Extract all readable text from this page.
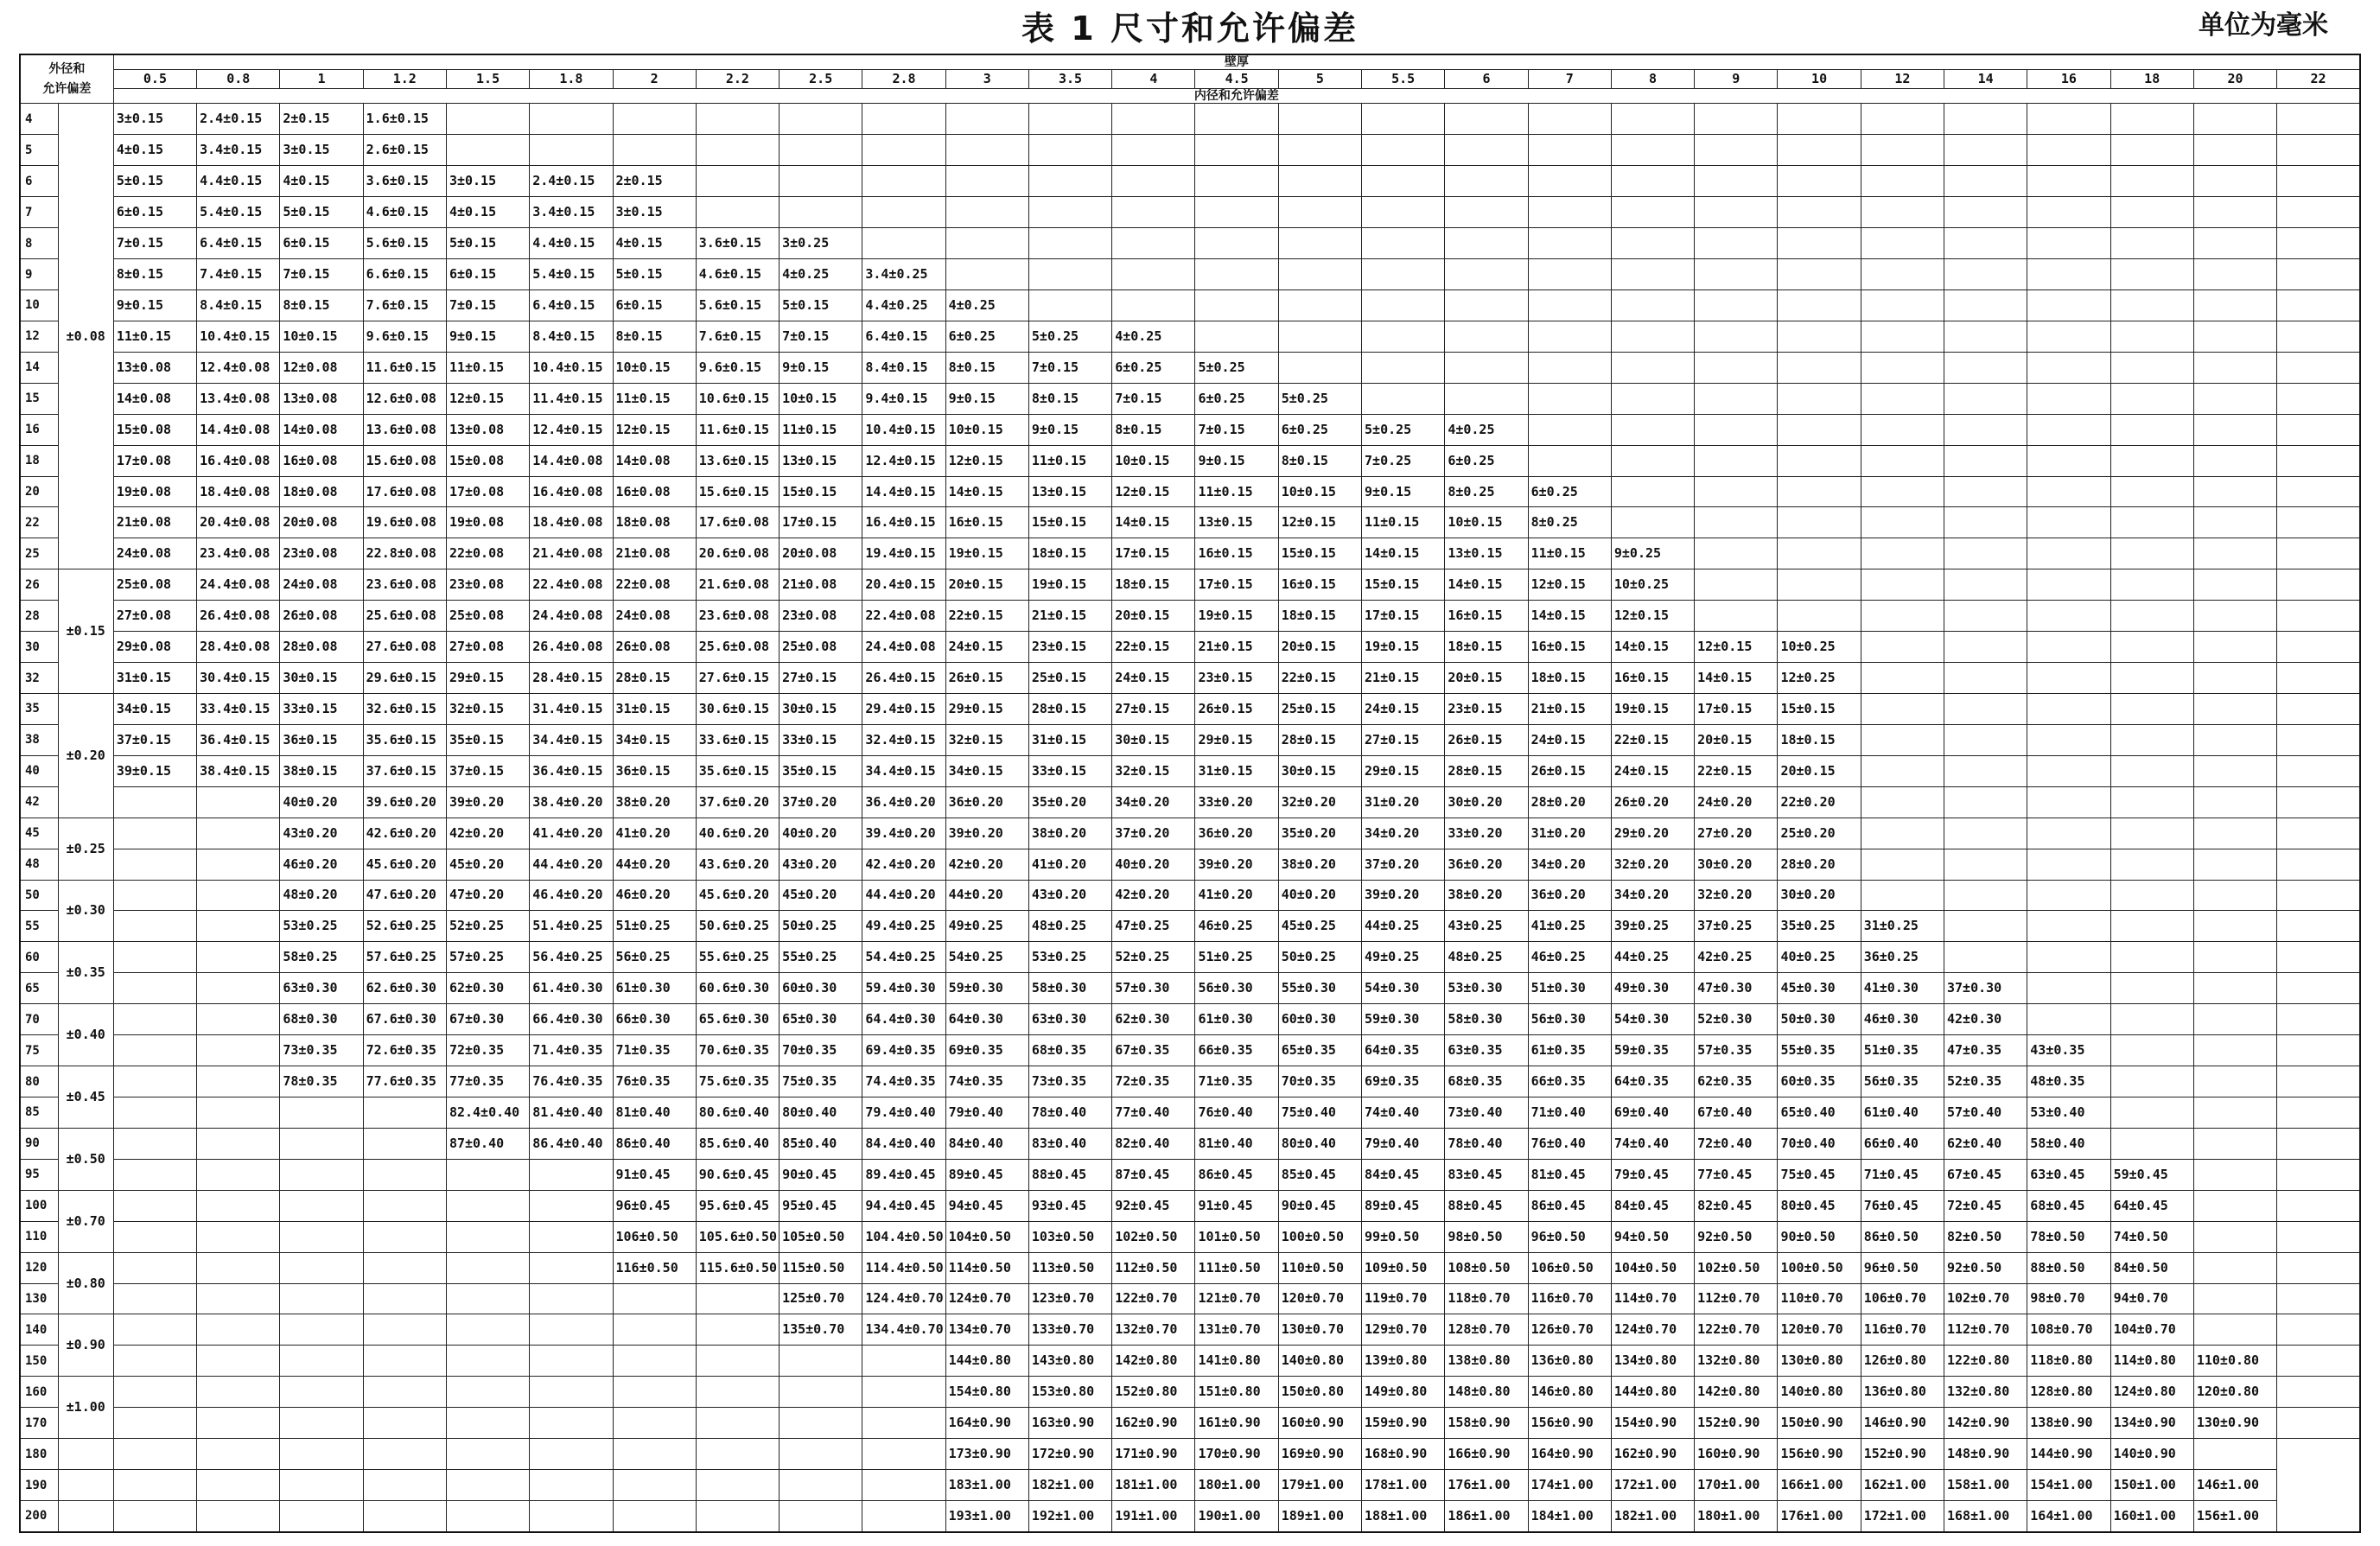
表 1 尺寸和允许偏差	单位为毫米
外径和
允许偏差		壁厚																										
		0.5	0.8	1	1.2	1.5	1.8	2	2.2	2.5	2.8	3	3.5	4	4.5	5	5.5	6	7	8	9	10	12	14	16	18	20	22
		内径和允许偏差																										
4	±0.08	3±0.15	2.4±0.15	2±0.15	1.6±0.15																							
5		4±0.15	3.4±0.15	3±0.15	2.6±0.15																							
6		5±0.15	4.4±0.15	4±0.15	3.6±0.15	3±0.15	2.4±0.15	2±0.15																				
7		6±0.15	5.4±0.15	5±0.15	4.6±0.15	4±0.15	3.4±0.15	3±0.15																				
8		7±0.15	6.4±0.15	6±0.15	5.6±0.15	5±0.15	4.4±0.15	4±0.15	3.6±0.15	3±0.25																		
9		8±0.15	7.4±0.15	7±0.15	6.6±0.15	6±0.15	5.4±0.15	5±0.15	4.6±0.15	4±0.25	3.4±0.25																	
10		9±0.15	8.4±0.15	8±0.15	7.6±0.15	7±0.15	6.4±0.15	6±0.15	5.6±0.15	5±0.15	4.4±0.25	4±0.25																
12		11±0.15	10.4±0.15	10±0.15	9.6±0.15	9±0.15	8.4±0.15	8±0.15	7.6±0.15	7±0.15	6.4±0.15	6±0.25	5±0.25	4±0.25														
14		13±0.08	12.4±0.08	12±0.08	11.6±0.15	11±0.15	10.4±0.15	10±0.15	9.6±0.15	9±0.15	8.4±0.15	8±0.15	7±0.15	6±0.25	5±0.25													
15		14±0.08	13.4±0.08	13±0.08	12.6±0.08	12±0.15	11.4±0.15	11±0.15	10.6±0.15	10±0.15	9.4±0.15	9±0.15	8±0.15	7±0.15	6±0.25	5±0.25												
16		15±0.08	14.4±0.08	14±0.08	13.6±0.08	13±0.08	12.4±0.15	12±0.15	11.6±0.15	11±0.15	10.4±0.15	10±0.15	9±0.15	8±0.15	7±0.15	6±0.25	5±0.25	4±0.25										
18		17±0.08	16.4±0.08	16±0.08	15.6±0.08	15±0.08	14.4±0.08	14±0.08	13.6±0.15	13±0.15	12.4±0.15	12±0.15	11±0.15	10±0.15	9±0.15	8±0.15	7±0.25	6±0.25										
20		19±0.08	18.4±0.08	18±0.08	17.6±0.08	17±0.08	16.4±0.08	16±0.08	15.6±0.15	15±0.15	14.4±0.15	14±0.15	13±0.15	12±0.15	11±0.15	10±0.15	9±0.15	8±0.25	6±0.25									
22		21±0.08	20.4±0.08	20±0.08	19.6±0.08	19±0.08	18.4±0.08	18±0.08	17.6±0.08	17±0.15	16.4±0.15	16±0.15	15±0.15	14±0.15	13±0.15	12±0.15	11±0.15	10±0.15	8±0.25									
25		24±0.08	23.4±0.08	23±0.08	22.8±0.08	22±0.08	21.4±0.08	21±0.08	20.6±0.08	20±0.08	19.4±0.15	19±0.15	18±0.15	17±0.15	16±0.15	15±0.15	14±0.15	13±0.15	11±0.15	9±0.25								
26	±0.15	25±0.08	24.4±0.08	24±0.08	23.6±0.08	23±0.08	22.4±0.08	22±0.08	21.6±0.08	21±0.08	20.4±0.15	20±0.15	19±0.15	18±0.15	17±0.15	16±0.15	15±0.15	14±0.15	12±0.15	10±0.25								
28		27±0.08	26.4±0.08	26±0.08	25.6±0.08	25±0.08	24.4±0.08	24±0.08	23.6±0.08	23±0.08	22.4±0.08	22±0.15	21±0.15	20±0.15	19±0.15	18±0.15	17±0.15	16±0.15	14±0.15	12±0.15								
30		29±0.08	28.4±0.08	28±0.08	27.6±0.08	27±0.08	26.4±0.08	26±0.08	25.6±0.08	25±0.08	24.4±0.08	24±0.15	23±0.15	22±0.15	21±0.15	20±0.15	19±0.15	18±0.15	16±0.15	14±0.15	12±0.15	10±0.25						
32		31±0.15	30.4±0.15	30±0.15	29.6±0.15	29±0.15	28.4±0.15	28±0.15	27.6±0.15	27±0.15	26.4±0.15	26±0.15	25±0.15	24±0.15	23±0.15	22±0.15	21±0.15	20±0.15	18±0.15	16±0.15	14±0.15	12±0.25						
35	±0.20	34±0.15	33.4±0.15	33±0.15	32.6±0.15	32±0.15	31.4±0.15	31±0.15	30.6±0.15	30±0.15	29.4±0.15	29±0.15	28±0.15	27±0.15	26±0.15	25±0.15	24±0.15	23±0.15	21±0.15	19±0.15	17±0.15	15±0.15						
38		37±0.15	36.4±0.15	36±0.15	35.6±0.15	35±0.15	34.4±0.15	34±0.15	33.6±0.15	33±0.15	32.4±0.15	32±0.15	31±0.15	30±0.15	29±0.15	28±0.15	27±0.15	26±0.15	24±0.15	22±0.15	20±0.15	18±0.15						
40		39±0.15	38.4±0.15	38±0.15	37.6±0.15	37±0.15	36.4±0.15	36±0.15	35.6±0.15	35±0.15	34.4±0.15	34±0.15	33±0.15	32±0.15	31±0.15	30±0.15	29±0.15	28±0.15	26±0.15	24±0.15	22±0.15	20±0.15						
42				40±0.20	39.6±0.20	39±0.20	38.4±0.20	38±0.20	37.6±0.20	37±0.20	36.4±0.20	36±0.20	35±0.20	34±0.20	33±0.20	32±0.20	31±0.20	30±0.20	28±0.20	26±0.20	24±0.20	22±0.20						
45	±0.25			43±0.20	42.6±0.20	42±0.20	41.4±0.20	41±0.20	40.6±0.20	40±0.20	39.4±0.20	39±0.20	38±0.20	37±0.20	36±0.20	35±0.20	34±0.20	33±0.20	31±0.20	29±0.20	27±0.20	25±0.20						
48				46±0.20	45.6±0.20	45±0.20	44.4±0.20	44±0.20	43.6±0.20	43±0.20	42.4±0.20	42±0.20	41±0.20	40±0.20	39±0.20	38±0.20	37±0.20	36±0.20	34±0.20	32±0.20	30±0.20	28±0.20						
50	±0.30			48±0.20	47.6±0.20	47±0.20	46.4±0.20	46±0.20	45.6±0.20	45±0.20	44.4±0.20	44±0.20	43±0.20	42±0.20	41±0.20	40±0.20	39±0.20	38±0.20	36±0.20	34±0.20	32±0.20	30±0.20						
55				53±0.25	52.6±0.25	52±0.25	51.4±0.25	51±0.25	50.6±0.25	50±0.25	49.4±0.25	49±0.25	48±0.25	47±0.25	46±0.25	45±0.25	44±0.25	43±0.25	41±0.25	39±0.25	37±0.25	35±0.25	31±0.25					
60	±0.35			58±0.25	57.6±0.25	57±0.25	56.4±0.25	56±0.25	55.6±0.25	55±0.25	54.4±0.25	54±0.25	53±0.25	52±0.25	51±0.25	50±0.25	49±0.25	48±0.25	46±0.25	44±0.25	42±0.25	40±0.25	36±0.25					
65				63±0.30	62.6±0.30	62±0.30	61.4±0.30	61±0.30	60.6±0.30	60±0.30	59.4±0.30	59±0.30	58±0.30	57±0.30	56±0.30	55±0.30	54±0.30	53±0.30	51±0.30	49±0.30	47±0.30	45±0.30	41±0.30	37±0.30				
70	±0.40			68±0.30	67.6±0.30	67±0.30	66.4±0.30	66±0.30	65.6±0.30	65±0.30	64.4±0.30	64±0.30	63±0.30	62±0.30	61±0.30	60±0.30	59±0.30	58±0.30	56±0.30	54±0.30	52±0.30	50±0.30	46±0.30	42±0.30				
75				73±0.35	72.6±0.35	72±0.35	71.4±0.35	71±0.35	70.6±0.35	70±0.35	69.4±0.35	69±0.35	68±0.35	67±0.35	66±0.35	65±0.35	64±0.35	63±0.35	61±0.35	59±0.35	57±0.35	55±0.35	51±0.35	47±0.35	43±0.35			
80	±0.45			78±0.35	77.6±0.35	77±0.35	76.4±0.35	76±0.35	75.6±0.35	75±0.35	74.4±0.35	74±0.35	73±0.35	72±0.35	71±0.35	70±0.35	69±0.35	68±0.35	66±0.35	64±0.35	62±0.35	60±0.35	56±0.35	52±0.35	48±0.35			
85						82.4±0.40	81.4±0.40	81±0.40	80.6±0.40	80±0.40	79.4±0.40	79±0.40	78±0.40	77±0.40	76±0.40	75±0.40	74±0.40	73±0.40	71±0.40	69±0.40	67±0.40	65±0.40	61±0.40	57±0.40	53±0.40			
90	±0.50					87±0.40	86.4±0.40	86±0.40	85.6±0.40	85±0.40	84.4±0.40	84±0.40	83±0.40	82±0.40	81±0.40	80±0.40	79±0.40	78±0.40	76±0.40	74±0.40	72±0.40	70±0.40	66±0.40	62±0.40	58±0.40			
95								91±0.45	90.6±0.45	90±0.45	89.4±0.45	89±0.45	88±0.45	87±0.45	86±0.45	85±0.45	84±0.45	83±0.45	81±0.45	79±0.45	77±0.45	75±0.45	71±0.45	67±0.45	63±0.45	59±0.45		
100	±0.70							96±0.45	95.6±0.45	95±0.45	94.4±0.45	94±0.45	93±0.45	92±0.45	91±0.45	90±0.45	89±0.45	88±0.45	86±0.45	84±0.45	82±0.45	80±0.45	76±0.45	72±0.45	68±0.45	64±0.45		
110								106±0.50	105.6±0.50	105±0.50	104.4±0.50	104±0.50	103±0.50	102±0.50	101±0.50	100±0.50	99±0.50	98±0.50	96±0.50	94±0.50	92±0.50	90±0.50	86±0.50	82±0.50	78±0.50	74±0.50		
120	±0.80							116±0.50	115.6±0.50	115±0.50	114.4±0.50	114±0.50	113±0.50	112±0.50	111±0.50	110±0.50	109±0.50	108±0.50	106±0.50	104±0.50	102±0.50	100±0.50	96±0.50	92±0.50	88±0.50	84±0.50		
130										125±0.70	124.4±0.70	124±0.70	123±0.70	122±0.70	121±0.70	120±0.70	119±0.70	118±0.70	116±0.70	114±0.70	112±0.70	110±0.70	106±0.70	102±0.70	98±0.70	94±0.70		
140	±0.90									135±0.70	134.4±0.70	134±0.70	133±0.70	132±0.70	131±0.70	130±0.70	129±0.70	128±0.70	126±0.70	124±0.70	122±0.70	120±0.70	116±0.70	112±0.70	108±0.70	104±0.70		
150												144±0.80	143±0.80	142±0.80	141±0.80	140±0.80	139±0.80	138±0.80	136±0.80	134±0.80	132±0.80	130±0.80	126±0.80	122±0.80	118±0.80	114±0.80	110±0.80	
160	±1.00											154±0.80	153±0.80	152±0.80	151±0.80	150±0.80	149±0.80	148±0.80	146±0.80	144±0.80	142±0.80	140±0.80	136±0.80	132±0.80	128±0.80	124±0.80	120±0.80	
170												164±0.90	163±0.90	162±0.90	161±0.90	160±0.90	159±0.90	158±0.90	156±0.90	154±0.90	152±0.90	150±0.90	146±0.90	142±0.90	138±0.90	134±0.90	130±0.90	
180												173±0.90	172±0.90	171±0.90	170±0.90	169±0.90	168±0.90	166±0.90	164±0.90	162±0.90	160±0.90	156±0.90	152±0.90	148±0.90	144±0.90	140±0.90		
190												183±1.00	182±1.00	181±1.00	180±1.00	179±1.00	178±1.00	176±1.00	174±1.00	172±1.00	170±1.00	166±1.00	162±1.00	158±1.00	154±1.00	150±1.00	146±1.00	
200												193±1.00	192±1.00	191±1.00	190±1.00	189±1.00	188±1.00	186±1.00	184±1.00	182±1.00	180±1.00	176±1.00	172±1.00	168±1.00	164±1.00	160±1.00	156±1.00	
